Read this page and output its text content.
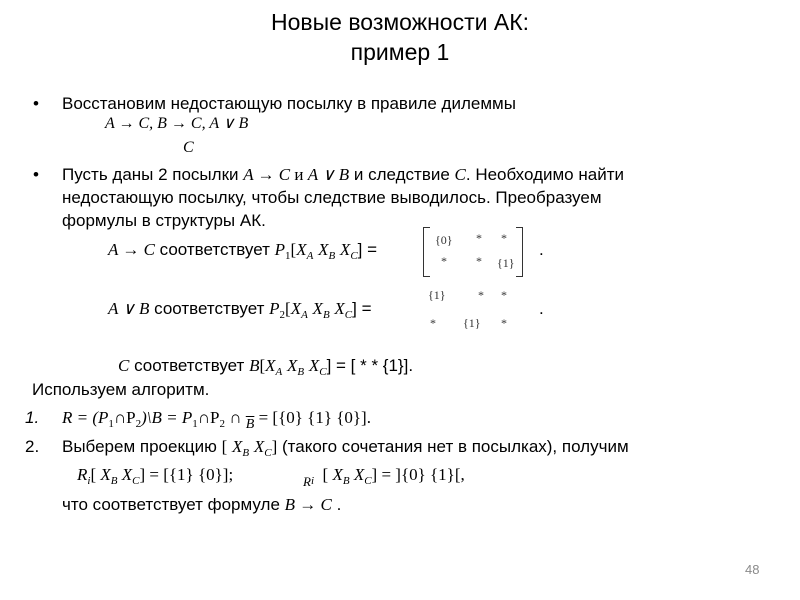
Новые возможности АК:
пример 1
• Восстановим недостающую посылку в правиле дилеммы
A → C, B → C, A ∨ B
C
• Пусть даны 2 посылки A → C и A ∨ B и следствие C. Необходимо найти
недостающую посылку, чтобы следствие выводилось. Преобразуем
формулы в структуры АК.
A → C соответствует $P_1[X_A$ $X_B$ $X_C$] =	{0} * *
* * {1}
.
A ∨ B соответствует $P_2[X_A$ $X_B$ $X_C$] =
{1}	* *
* {1} *
.
C соответствует $B[X_A$ $X_B$ $X_C$] = [ * * {1}].
Используем алгоритм.
1. $R = (P_1\cap P_2)\backslash B$ = $P_1\cap P_2$ ∩ $_{\overline{B}}$ = [{0} {1} {0}].
2. Выберем проекцию [ $X_B$ $X_C$] (такого сочетания нет в посылках), получим
$R_i$[ $X_B$ $X_C] = [\{1\}$ {0}];	$_{Ri}$ [ $X_B$ $X_C] = ]\{0\}$ {1}[,
что соответствует формуле B → C .
48
